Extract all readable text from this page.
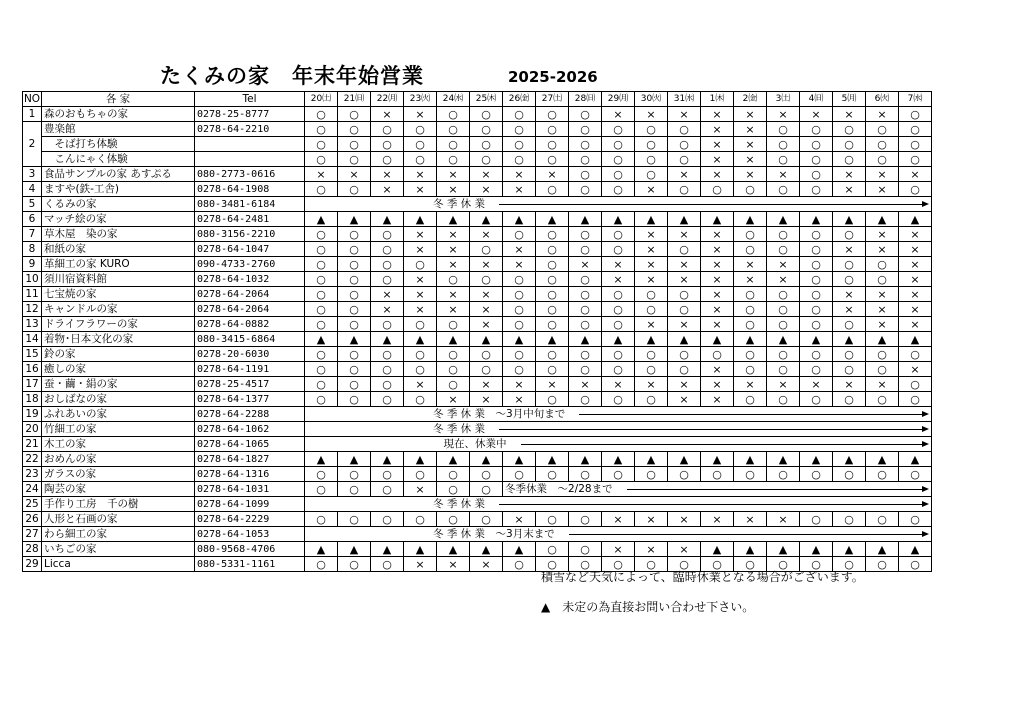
たくみの家　年末年始営業	2025-2026
NO	各 家	Tel	20㈯	21㈰	22㈪	23㈫	24㈬	25㈭	26㈮	27㈯	28㈰	29㈪	30㈫	31㈬	1㈭	2㈮	3㈯	4㈰	5㈪	6㈫	7㈬
1	森のおもちゃの家	0278-25-8777	○	○	×	×	○	○	○	○	○	×	×	×	×	×	×	×	×	×	○
2	豊楽館	0278-64-2210	○	○	○	○	○	○	○	○	○	○	○	○	×	×	○	○	○	○	○
	　そば打ち体験		○	○	○	○	○	○	○	○	○	○	○	○	×	×	○	○	○	○	○
	　こんにゃく体験		○	○	○	○	○	○	○	○	○	○	○	○	×	×	○	○	○	○	○
3	食品サンプルの家 あすぷる	080-2773-0616	×	×	×	×	×	×	×	×	○	○	○	×	×	×	×	○	×	×	×
4	ますや(鉄-工舎)	0278-64-1908	○	○	×	×	×	×	×	○	○	○	×	○	○	○	○	○	×	×	○
5	くるみの家	080-3481-6184	冬 季 休 業																		

6	マッチ絵の家	0278-64-2481	▲	▲	▲	▲	▲	▲	▲	▲	▲	▲	▲	▲	▲	▲	▲	▲	▲	▲	▲
7	草木屋　染の家	080-3156-2210	○	○	○	×	×	×	○	○	○	○	×	×	×	○	○	○	○	×	×
8	和紙の家	0278-64-1047	○	○	○	×	×	○	×	○	○	○	×	○	×	○	○	○	×	×	×
9	革細工の家 KURO	090-4733-2760	○	○	○	○	×	×	×	○	×	×	×	×	×	×	×	○	○	○	×
10	須川宿資料館	0278-64-1032	○	○	○	×	○	○	○	○	○	×	×	×	×	×	×	○	○	○	×
11	七宝焼の家	0278-64-2064	○	○	×	×	×	×	○	○	○	○	○	○	×	○	○	○	×	×	×
12	キャンドルの家	0278-64-2064	○	○	×	×	×	×	○	○	○	○	○	○	×	○	○	○	×	×	×
13	ドライフラワーの家	0278-64-0882	○	○	○	○	○	×	○	○	○	○	×	×	×	○	○	○	○	×	×
14	着物･日本文化の家	080-3415-6864	▲	▲	▲	▲	▲	▲	▲	▲	▲	▲	▲	▲	▲	▲	▲	▲	▲	▲	▲
15	鈴の家	0278-20-6030	○	○	○	○	○	○	○	○	○	○	○	○	○	○	○	○	○	○	○
16	癒しの家	0278-64-1191	○	○	○	○	○	○	○	○	○	○	○	○	×	○	○	○	○	○	×
17	蚕・繭・絹の家	0278-25-4517	○	○	○	×	○	×	×	×	×	×	×	×	×	×	×	×	×	×	○
18	おしばなの家	0278-64-1377	○	○	○	○	×	×	×	○	○	○	○	×	×	○	○	○	○	○	○
19	ふれあいの家	0278-64-2288	冬 季 休 業　～3月中旬まで																		

20	竹細工の家	0278-64-1062	冬 季 休 業																		

21	木工の家	0278-64-1065	　現在、休業中																		

22	おめんの家	0278-64-1827	▲	▲	▲	▲	▲	▲	▲	▲	▲	▲	▲	▲	▲	▲	▲	▲	▲	▲	▲
23	ガラスの家	0278-64-1316	○	○	○	○	○	○	○	○	○	○	○	○	○	○	○	○	○	○	○
24	陶芸の家	0278-64-1031	○	○	○	×	○	○	冬季休業　～2/28まで												

25	手作り工房　千の樹	0278-64-1099	冬 季 休 業																		

26	人形と石画の家	0278-64-2229	○	○	○	○	○	○	×	○	○	×	×	×	×	×	×	○	○	○	○
27	わら細工の家	0278-64-1053	冬 季 休 業　～3月末まで																		

28	いちごの家	080-9568-4706	▲	▲	▲	▲	▲	▲	▲	○	○	×	×	×	▲	▲	▲	▲	▲	▲	▲
29	Licca	080-5331-1161	○	○	○	×	×	×	○	○	○	○	○	○	○	○	○	○	○	○	○
積雪など天気によって、臨時休業となる場合がございます。
▲　未定の為直接お問い合わせ下さい。
